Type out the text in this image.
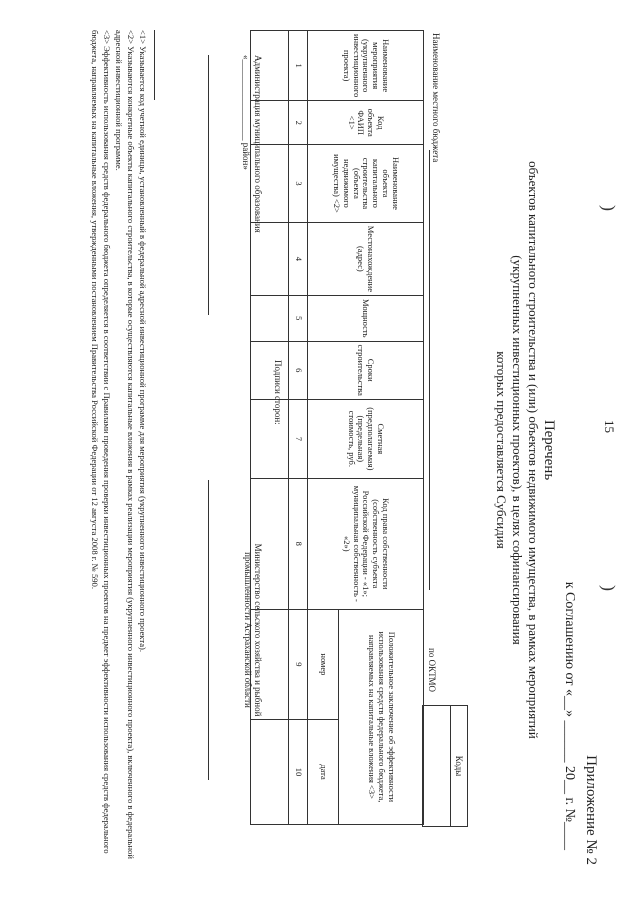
)
15
)
Приложение № 2
к Соглашению от «__» ______ 20__ г. №____
Перечень
объектов капитального строительства и (или) объектов недвижимого имущества, в рамках мероприятий
(укрупненных инвестиционных проектов), в целях софинансирования
которых предоставляется Субсидия
Коды
по ОКТМО
Наименование местного бюджета
Наименование мероприятия (укрупненного инвестиционного проекта)	Код объекта ФАИП <1>	Наименование объекта капитального строительства (объекта недвижимого имущества) <2>	Местонахождение (адрес)	Мощность	Сроки строительства	Сметная (предполагаемая) (предельная) стоимость, руб.	Код права собственности (собственность субъекта Российской Федерации - «1»; муниципальная собственность - «2»)	Положительное заключение об эффективности использования средств федерального бюджета, направляемых на капитальные вложения <3>	
								номер	дата
1	2	3	4	5	6	7	8	9	10

Подписи сторон:
Администрация муниципального образования
«__________________ район»
Министерство сельского хозяйства и рыбной
промышленности Астраханской области

<1> Указывается код учетной единицы, установленный в федеральной адресной инвестиционной программе для мероприятия (укрупненного инвестиционного проекта).

<2> Указываются конкретные объекты капитального строительства, в которые осуществляются капитальные вложения в рамках реализации мероприятия (укрупненного инвестиционного проекта), включенного в федеральной адресной инвестиционной программе.

<3> Эффективность использования средств федерального бюджета определяется в соответствии с Правилами проведения проверки инвестиционных проектов на предмет эффективности использования средств федерального бюджета, направляемых на капитальные вложения, утвержденными постановлением Правительства Российской Федерации от 12 августа 2008 г. № 590.
